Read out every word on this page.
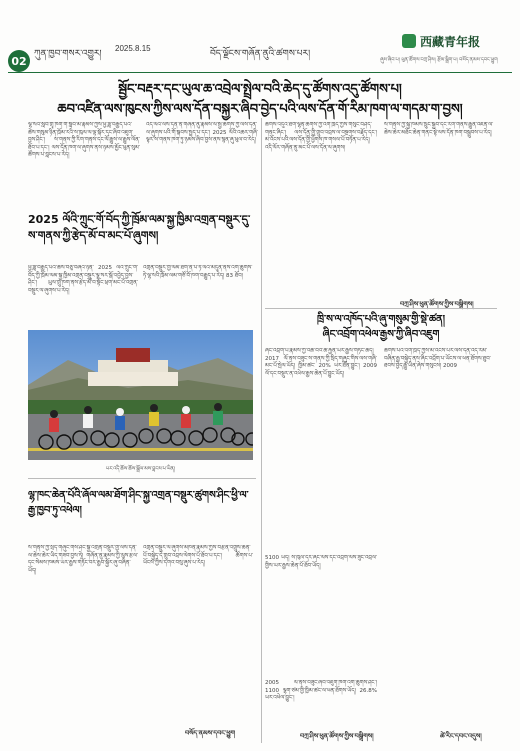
02
ཀུན་ཁྱབ་གསར་འགྱུར།
2025.8.15
བོད་ལྗོངས་གཞོན་ནུའི་ཚགས་པར།
西藏青年报
ཞུས་ཞིབ་པ། ཕུན་ཚོགས་བཀྲ་ཤིས། རྩོམ་སྒྲིག་པ། བསོད་ནམས་དབང་ཕྱུག
སྦྱོང་བརྡར་དང་ཡུལ་ཆ་འབྲེལ་སྤྲེལ་བའི་ཆེད་དུ་ཚོགས་འདུ་ཚོགས་པ།
ཆབ་འཛིན་ལས་ཁུངས་ཀྱིས་ལས་དོན་བསྐྱར་ཞིབ་བྱེད་པའི་ལས་དོན་གོ་རིམ་ཁག་ལ་གདམ་ག་བྱས།
ལྷ་སའི་སློབ་གྲྭ་ཁག་གི་སློབ་མ་རྣམས་ཀྱིས་ཕྱི་ཟླ་བརྒྱད་པའི་ཚེས་གསུམ་ཉིན་ཁྲོམ་རའི་ས་ཁུལ་ལ་ལྟ་སྐོར་དང་ཞིབ་འཇུག་བྱས་ཤིང་། ས་གནས་ཀྱི་རིག་གནས་དང་ལོ་རྒྱུས་ལ་རྒྱུས་ལོན་ཐོབ་པ་དང་། ལས་དོན་ཁག་ལ་ཞུགས་ནས་ཉམས་མྱོང་ཕུན་སུམ་ཚོགས་པ་བླངས་པ་རེད།
འདི་ལོའི་ལས་དོན་ནི་གཞོན་ནུ་རྣམས་ལ་སྤྱི་ཚོགས་ཀྱི་ལས་དོན་ལ་ཞུགས་པའི་གོ་སྐབས་སྤྲད་པ་དང་། 2025 ལོའི་འཆར་གཞི་ལྟར་ས་གནས་ཁག་ཏུ་ཉམས་ཞིབ་བྱས་ནས་སྙན་ཞུ་ཕུལ་བ་རེད།
ཚོགས་འདུའི་ཐོག་ལྷན་ཚོགས་ཀྱི་འགོ་ཁྲིད་ཀྱིས་གསུང་བཤད་གནང་ཞིང་། ལས་དོན་གྱི་གྲུབ་འབྲས་ལ་བསྔགས་བརྗོད་དང་། མ་འོངས་པའི་ལས་དོན་གྱི་ཕྱོགས་ཁ་གསལ་པོ་བཏོན་པ་རེད། འདི་ལོར་གཞོན་ནུ་མང་པོ་ལས་དོན་ལ་ཞུགས།
ས་གནས་ཀྱི་སྐྱེ་ཁམས་སྲུང་སྐྱོབ་དང་རིག་གནས་རྒྱུན་འཛིན་ལ་ཆེས་ཆེར་མཐོང་ཆེན་གནང་སྟེ་ལས་དོན་ཁག་བསྒྲུབས་པ་རེད།
2025 ལོའི་ཀྲུང་གོ་བོད་ཀྱི་ཁྲོམ་ལམ་སྐྱ་ཁྱིམ་འགྲན་བསྡུར་དུ་ས་གནས་ཀྱི་རྩེད་མོ་བ་མང་པོ་ཞུགས།
ཕྱི་ཟླ་བརྒྱད་པའི་ཚེས་བཅུ་བཞིའི་ཉིན་ 2025 ལོའི་ཀྲུང་གོ་བོད་ཀྱི་ཁྲོམ་ལམ་སྐྱ་ཁྱིམ་འགྲན་བསྡུར་ལྷ་སར་སྒོ་འབྱེད་བྱས་ཤིང་། ཡུལ་གྲུ་ཁག་ནས་རྩེད་མོ་བ་སྟོང་ཕྲག་མང་པོ་འགྲན་བསྡུར་ལ་ཞུགས་པ་རེད།
འགྲན་བསྡུར་གྱི་ལམ་ཐིག་ནི་པོ་ཏ་ལའི་མདུན་ནས་འགོ་ཚུགས་ཏེ་ལྷ་སའི་ཁྲོམ་ལམ་གཙོ་བོ་ཁག་བརྒྱུད་པ་རེད། 83 ཐོབ།
པར་འདི་ཆོས་ཆོས་སྒྲོལ་མས་བླངས་པ་ཡིན།
ལྷ་ཁང་ཆེན་པོའི་ཞོལ་ལམ་ཐོག་ཤིང་སྐྱ་འགྲན་བསྡུར་ཚུགས་ཤིང་ཕྱི་ལ་རྒྱ་ཁྱབ་ཏུ་འཕེལ།
ས་གནས་ཀྱི་སྲིད་གཞུང་གིས་ཤིང་སྐྱ་འགྲན་བསྡུར་གྱི་ལས་དོན་ལ་ཆེས་ཆེར་ཡིད་གཟབ་བྱས་ཏེ། གཞོན་ནུ་རྣམས་ཀྱི་ལུས་རྩལ་དང་སེམས་ཁམས་ཡར་རྒྱས་གཏོང་བར་རྒྱབ་སྐྱོར་ཞུ་བཞིན་ཡོད།
འགྲན་བསྡུར་ལ་ཞུགས་མཁན་རྣམས་ཀྱིས་བརྩོན་འགྲུས་ཆེན་པོ་བསྐྱེད་དེ་གྲུབ་འབྲས་ལེགས་པོ་ཐོབ་པ་དང་། ཚོགས་པ་ཡོངས་ཀྱིས་དགའ་བསུ་ཞུས་པ་རེད།
བསོད་ནམས་དབང་ཕྱུག
བཀྲ་ཤིས་ཕུན་ཚོགས་ཀྱིས་བསྒྲིགས།
ཁྲི་ས་ལ་འཁོད་པའི་ཞུ་གསུམ་གྱི་སྡེ་ཚན།
ཞིང་འབྲོག་འཕེལ་རྒྱས་ཀྱི་ཞིབ་འཇུག
ཞིང་འབྲོག་པ་རྣམས་ཀྱི་འཚོ་བའི་ཆ་རྐྱེན་ཡར་རྒྱས་གཏོང་ཆེད། 2017 ལོ་ནས་བཟུང་ས་གནས་ཀྱི་སྲིད་གཞུང་གིས་ལས་གཞི་མང་པོ་སྤེལ་ཡོད། ཁྱིམ་ཚང་ 20% ཡར་ཐོན་བྱུང་། 2009 ལོ་དང་བསྡུར་ན་འཕེལ་རྒྱས་ཆེན་པོ་བྱུང་ཡོད།
5100 ཡོད། ས་ཁུལ་དེར་ཞིང་ལས་དང་འབྲོག་ལས་ཟུང་འབྲེལ་གྱིས་ཡར་རྒྱས་ཆེན་པོ་ཐོབ་ཡོད།
2005 ལོ་ནས་བཟུང་ཞིབ་འཇུག་ཁག་འགོ་ཚུགས་ཤིང་། 1100 ལྷག་ཙམ་གྱི་ཁྱིམ་ཚང་ལ་ཕན་ཐོགས་ཡོད། 26.8% ཡར་འཕེལ་བྱུང་།
ཚོགས་པའི་འགོ་ཁྲིད་ཀྱིས་མ་འོངས་པར་ལས་དོན་འདི་རིམ་བཞིན་རྒྱ་བསྐྱེད་ནས་ཞིང་འབྲོག་པ་ཡོངས་ལ་ཕན་ཐོགས་ཐུབ་ཐབས་བྱེད་རྒྱུ་ཡིན་ཞེས་གསུངས། 2009
བཀྲ་ཤིས་ཕུན་ཚོགས་ཀྱིས་བསྒྲིགས།	ཚེ་རིང་དབང་འདུས།
